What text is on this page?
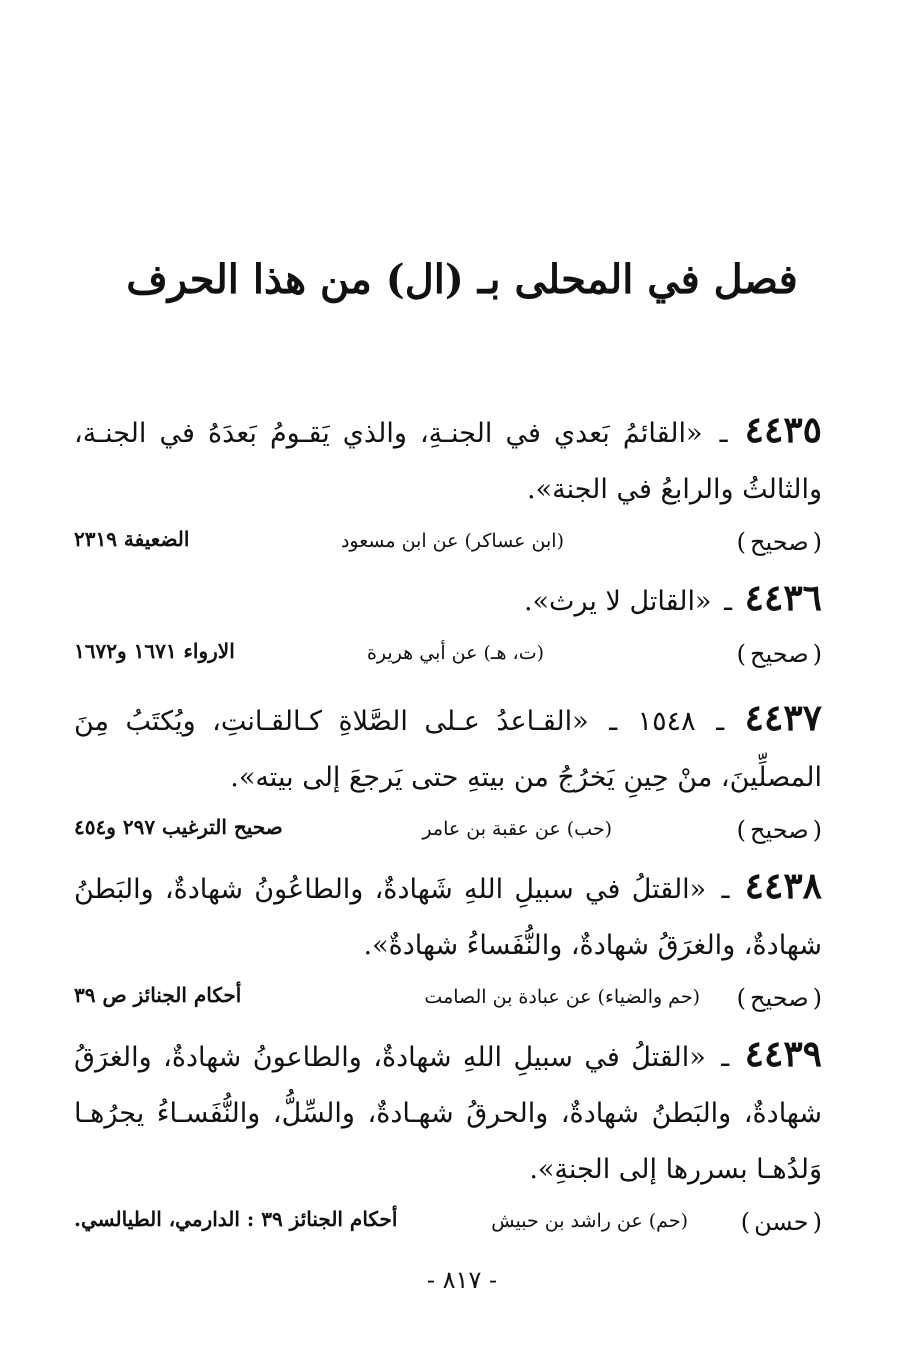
فصل في المحلى بـ (ال) من هذا الحرف

٤٤٣٥ ـ «القائمُ بَعدي في الجنـةِ، والذي يَقـومُ بَعدَهُ في الجنـة، والثالثُ والرابعُ في الجنة».

(صحيح)
(ابن عساكر) عن ابن مسعود
الضعيفة ٢٣١٩

٤٤٣٦ ـ «القاتل لا يرث».

(صحيح)
(ت، هـ) عن أبي هريرة
الارواء ١٦٧١ و١٦٧٢

٤٤٣٧ ـ ١٥٤٨ ـ «القـاعدُ عـلى الصَّلاةِ كـالقـانتِ، ويُكتَبُ مِنَ المصلِّينَ، منْ حِينِ يَخرُجُ من بيتهِ حتى يَرجعَ إلى بيته».

(صحيح)
(حب) عن عقبة بن عامر
صحيح الترغيب ٢٩٧ و٤٥٤

٤٤٣٨ ـ «القتلُ في سبيلِ اللهِ شَهادةٌ، والطاعُونُ شهادةٌ، والبَطنُ شهادةٌ، والغرَقُ شهادةٌ، والنُّفَساءُ شهادةٌ».

(صحيح)
(حم والضياء) عن عبادة بن الصامت
أحكام الجنائز ص ٣٩

٤٤٣٩ ـ «القتلُ في سبيلِ اللهِ شهادةٌ، والطاعونُ شهادةٌ، والغرَقُ شهادةٌ، والبَطنُ شهادةٌ، والحرقُ شهـادةٌ، والسِّلُّ، والنُّفَسـاءُ يجرُهـا وَلدُهـا بسررها إلى الجنةِ».

(حسن)
(حم) عن راشد بن حبيش
أحكام الجنائز ٣٩ : الدارمي، الطيالسي.
- ٨١٧ -
